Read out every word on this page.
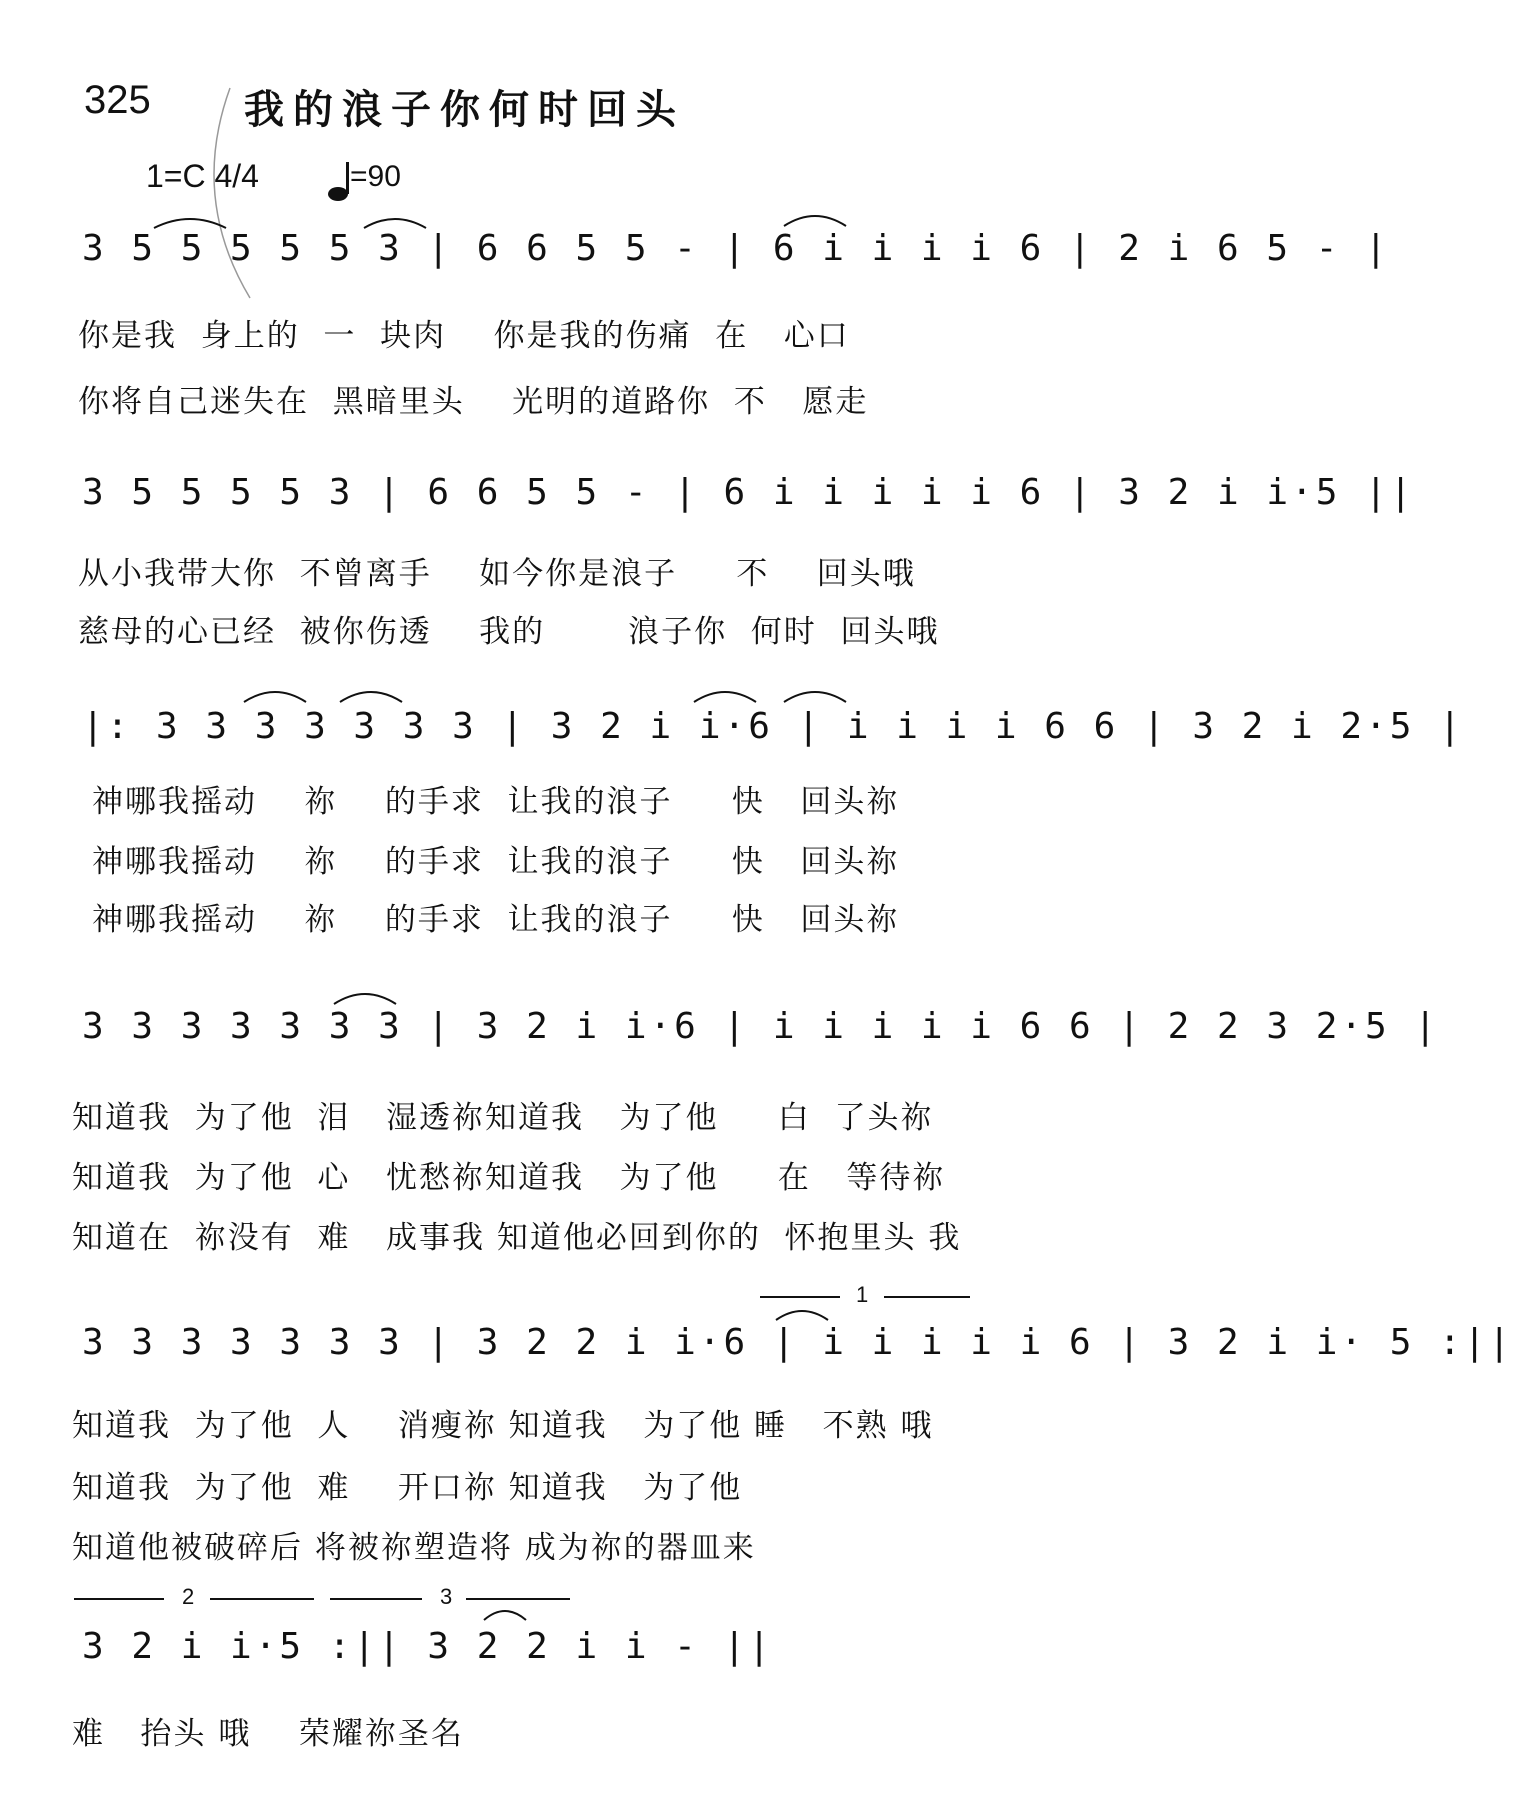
325 我的浪子你何时回头
1=C 4/4	=90
3 5 5 5 5 5 3 | 6 6 5 5 - | 6 i i i i 6 | 2 i 6 5 - |
你是我  身上的  一  块肉    你是我的伤痛  在   心口
你将自己迷失在  黑暗里头    光明的道路你  不   愿走
3 5 5 5 5 3 | 6 6 5 5 - | 6 i i i i i 6 | 3 2 i i·5 ||
从小我带大你  不曾离手    如今你是浪子     不    回头哦
慈母的心已经  被你伤透    我的       浪子你  何时  回头哦
|: 3 3 3 3 3 3 3 | 3 2 i i·6 | i i i i 6 6 | 3 2 i 2·5 |
神哪我摇动    祢    的手求  让我的浪子     快   回头祢
神哪我摇动    祢    的手求  让我的浪子     快   回头祢
神哪我摇动    祢    的手求  让我的浪子     快   回头祢
3 3 3 3 3 3 3 | 3 2 i i·6 | i i i i i 6 6 | 2 2 3 2·5 |
知道我  为了他  泪   湿透祢知道我   为了他     白  了头祢
知道我  为了他  心   忧愁祢知道我   为了他     在   等待祢
知道在  祢没有  难   成事我 知道他必回到你的  怀抱里头 我
1
3 3 3 3 3 3 3 | 3 2 2 i i·6 | i i i i i 6 | 3 2 i i· 5 :||
知道我  为了他  人    消瘦祢 知道我   为了他 睡   不熟 哦
知道我  为了他  难    开口祢 知道我   为了他
知道他被破碎后 将被祢塑造将 成为祢的器皿来
2	3
3 2 i i·5 :|| 3 2 2 i i - ||
难   抬头 哦    荣耀祢圣名
